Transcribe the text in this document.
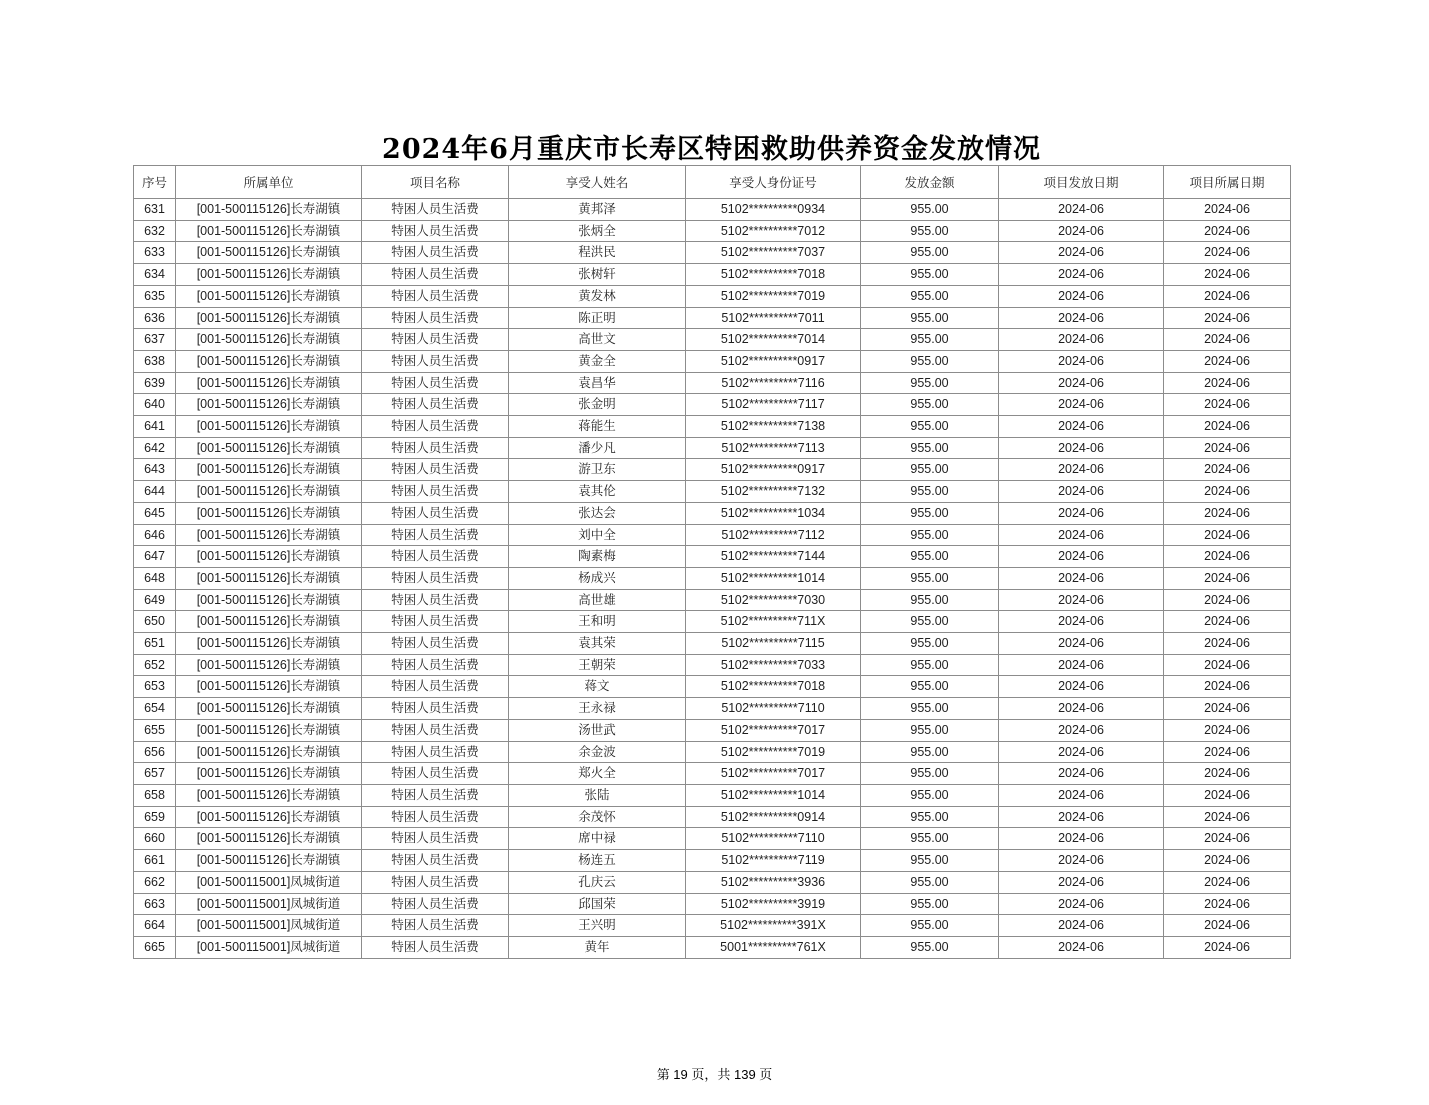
2024年6月重庆市长寿区特困救助供养资金发放情况
序号	所属单位	项目名称	享受人姓名	享受人身份证号	发放金额	项目发放日期	项目所属日期
631	[001-500115126]长寿湖镇	特困人员生活费	黄邦泽	5102**********0934	955.00	2024-06	2024-06
632	[001-500115126]长寿湖镇	特困人员生活费	张炳全	5102**********7012	955.00	2024-06	2024-06
633	[001-500115126]长寿湖镇	特困人员生活费	程洪民	5102**********7037	955.00	2024-06	2024-06
634	[001-500115126]长寿湖镇	特困人员生活费	张树轩	5102**********7018	955.00	2024-06	2024-06
635	[001-500115126]长寿湖镇	特困人员生活费	黄发林	5102**********7019	955.00	2024-06	2024-06
636	[001-500115126]长寿湖镇	特困人员生活费	陈正明	5102**********7011	955.00	2024-06	2024-06
637	[001-500115126]长寿湖镇	特困人员生活费	高世文	5102**********7014	955.00	2024-06	2024-06
638	[001-500115126]长寿湖镇	特困人员生活费	黄金全	5102**********0917	955.00	2024-06	2024-06
639	[001-500115126]长寿湖镇	特困人员生活费	袁昌华	5102**********7116	955.00	2024-06	2024-06
640	[001-500115126]长寿湖镇	特困人员生活费	张金明	5102**********7117	955.00	2024-06	2024-06
641	[001-500115126]长寿湖镇	特困人员生活费	蒋能生	5102**********7138	955.00	2024-06	2024-06
642	[001-500115126]长寿湖镇	特困人员生活费	潘少凡	5102**********7113	955.00	2024-06	2024-06
643	[001-500115126]长寿湖镇	特困人员生活费	游卫东	5102**********0917	955.00	2024-06	2024-06
644	[001-500115126]长寿湖镇	特困人员生活费	袁其伦	5102**********7132	955.00	2024-06	2024-06
645	[001-500115126]长寿湖镇	特困人员生活费	张达会	5102**********1034	955.00	2024-06	2024-06
646	[001-500115126]长寿湖镇	特困人员生活费	刘中全	5102**********7112	955.00	2024-06	2024-06
647	[001-500115126]长寿湖镇	特困人员生活费	陶素梅	5102**********7144	955.00	2024-06	2024-06
648	[001-500115126]长寿湖镇	特困人员生活费	杨成兴	5102**********1014	955.00	2024-06	2024-06
649	[001-500115126]长寿湖镇	特困人员生活费	高世雄	5102**********7030	955.00	2024-06	2024-06
650	[001-500115126]长寿湖镇	特困人员生活费	王和明	5102**********711X	955.00	2024-06	2024-06
651	[001-500115126]长寿湖镇	特困人员生活费	袁其荣	5102**********7115	955.00	2024-06	2024-06
652	[001-500115126]长寿湖镇	特困人员生活费	王朝荣	5102**********7033	955.00	2024-06	2024-06
653	[001-500115126]长寿湖镇	特困人员生活费	蒋文	5102**********7018	955.00	2024-06	2024-06
654	[001-500115126]长寿湖镇	特困人员生活费	王永禄	5102**********7110	955.00	2024-06	2024-06
655	[001-500115126]长寿湖镇	特困人员生活费	汤世武	5102**********7017	955.00	2024-06	2024-06
656	[001-500115126]长寿湖镇	特困人员生活费	余金波	5102**********7019	955.00	2024-06	2024-06
657	[001-500115126]长寿湖镇	特困人员生活费	郑火全	5102**********7017	955.00	2024-06	2024-06
658	[001-500115126]长寿湖镇	特困人员生活费	张陆	5102**********1014	955.00	2024-06	2024-06
659	[001-500115126]长寿湖镇	特困人员生活费	余茂怀	5102**********0914	955.00	2024-06	2024-06
660	[001-500115126]长寿湖镇	特困人员生活费	席中禄	5102**********7110	955.00	2024-06	2024-06
661	[001-500115126]长寿湖镇	特困人员生活费	杨连五	5102**********7119	955.00	2024-06	2024-06
662	[001-500115001]凤城街道	特困人员生活费	孔庆云	5102**********3936	955.00	2024-06	2024-06
663	[001-500115001]凤城街道	特困人员生活费	邱国荣	5102**********3919	955.00	2024-06	2024-06
664	[001-500115001]凤城街道	特困人员生活费	王兴明	5102**********391X	955.00	2024-06	2024-06
665	[001-500115001]凤城街道	特困人员生活费	黄年	5001**********761X	955.00	2024-06	2024-06
第 19 页，共 139 页
